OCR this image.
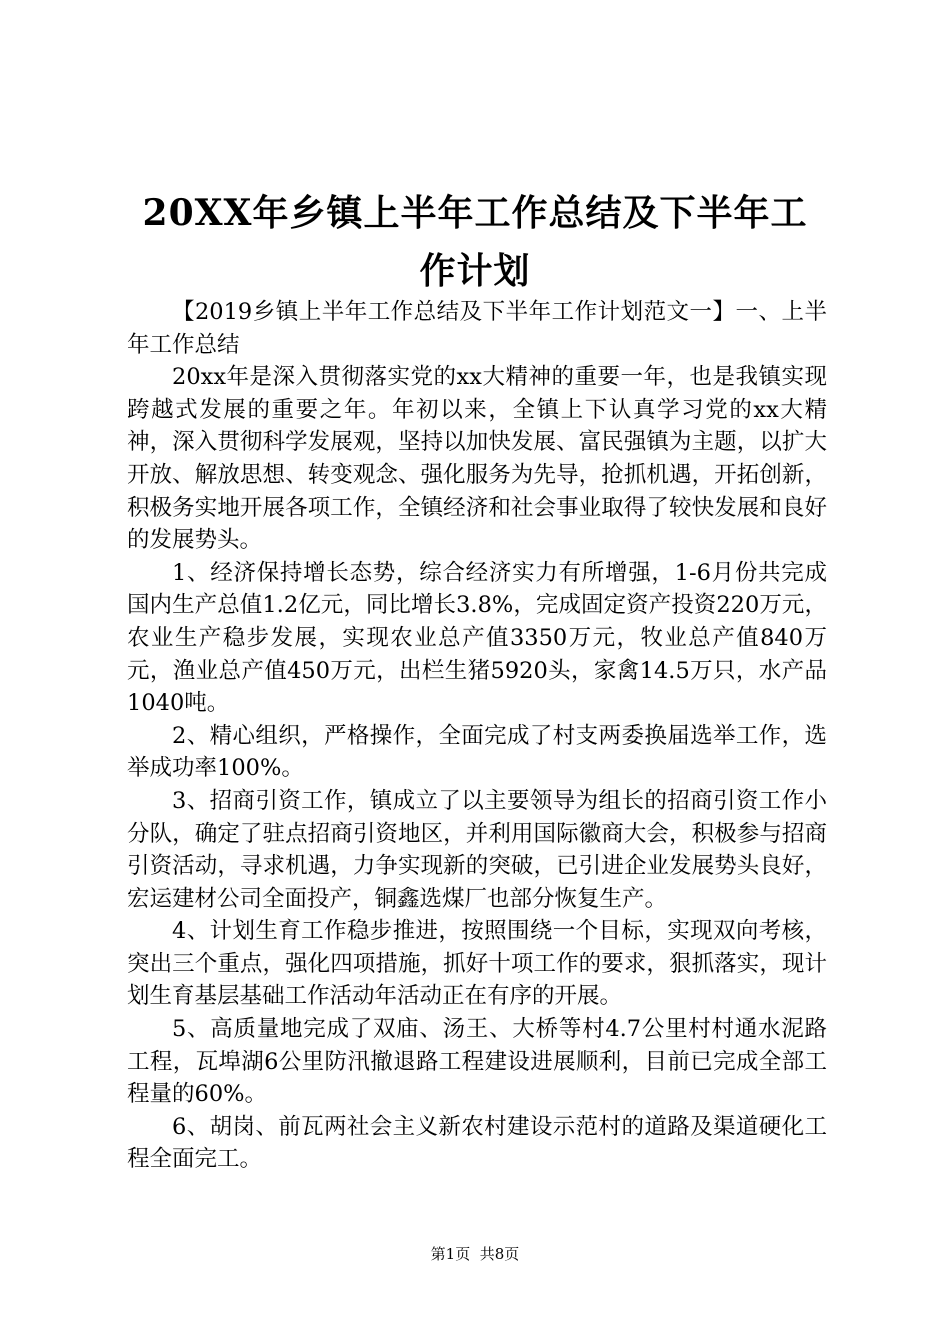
20XX年乡镇上半年工作总结及下半年工作计划

【2019乡镇上半年工作总结及下半年工作计划范文一】一、上半年工作总结

20xx年是深入贯彻落实党的xx大精神的重要一年，也是我镇实现跨越式发展的重要之年。年初以来，全镇上下认真学习党的xx大精神，深入贯彻科学发展观，坚持以加快发展、富民强镇为主题，以扩大开放、解放思想、转变观念、强化服务为先导，抢抓机遇，开拓创新，积极务实地开展各项工作，全镇经济和社会事业取得了较快发展和良好的发展势头。

1、经济保持增长态势，综合经济实力有所增强，1-6月份共完成国内生产总值1.2亿元，同比增长3.8%，完成固定资产投资220万元，农业生产稳步发展，实现农业总产值3350万元，牧业总产值840万元，渔业总产值450万元，出栏生猪5920头，家禽14.5万只，水产品1040吨。

2、精心组织，严格操作，全面完成了村支两委换届选举工作，选举成功率100%。

3、招商引资工作，镇成立了以主要领导为组长的招商引资工作小分队，确定了驻点招商引资地区，并利用国际徽商大会，积极参与招商引资活动，寻求机遇，力争实现新的突破，已引进企业发展势头良好，宏运建材公司全面投产，铜鑫选煤厂也部分恢复生产。

4、计划生育工作稳步推进，按照围绕一个目标，实现双向考核，突出三个重点，强化四项措施，抓好十项工作的要求，狠抓落实，现计划生育基层基础工作活动年活动正在有序的开展。

5、高质量地完成了双庙、汤王、大桥等村4.7公里村村通水泥路工程，瓦埠湖6公里防汛撤退路工程建设进展顺利，目前已完成全部工程量的60%。

6、胡岗、前瓦两社会主义新农村建设示范村的道路及渠道硬化工程全面完工。

第1页 共8页
